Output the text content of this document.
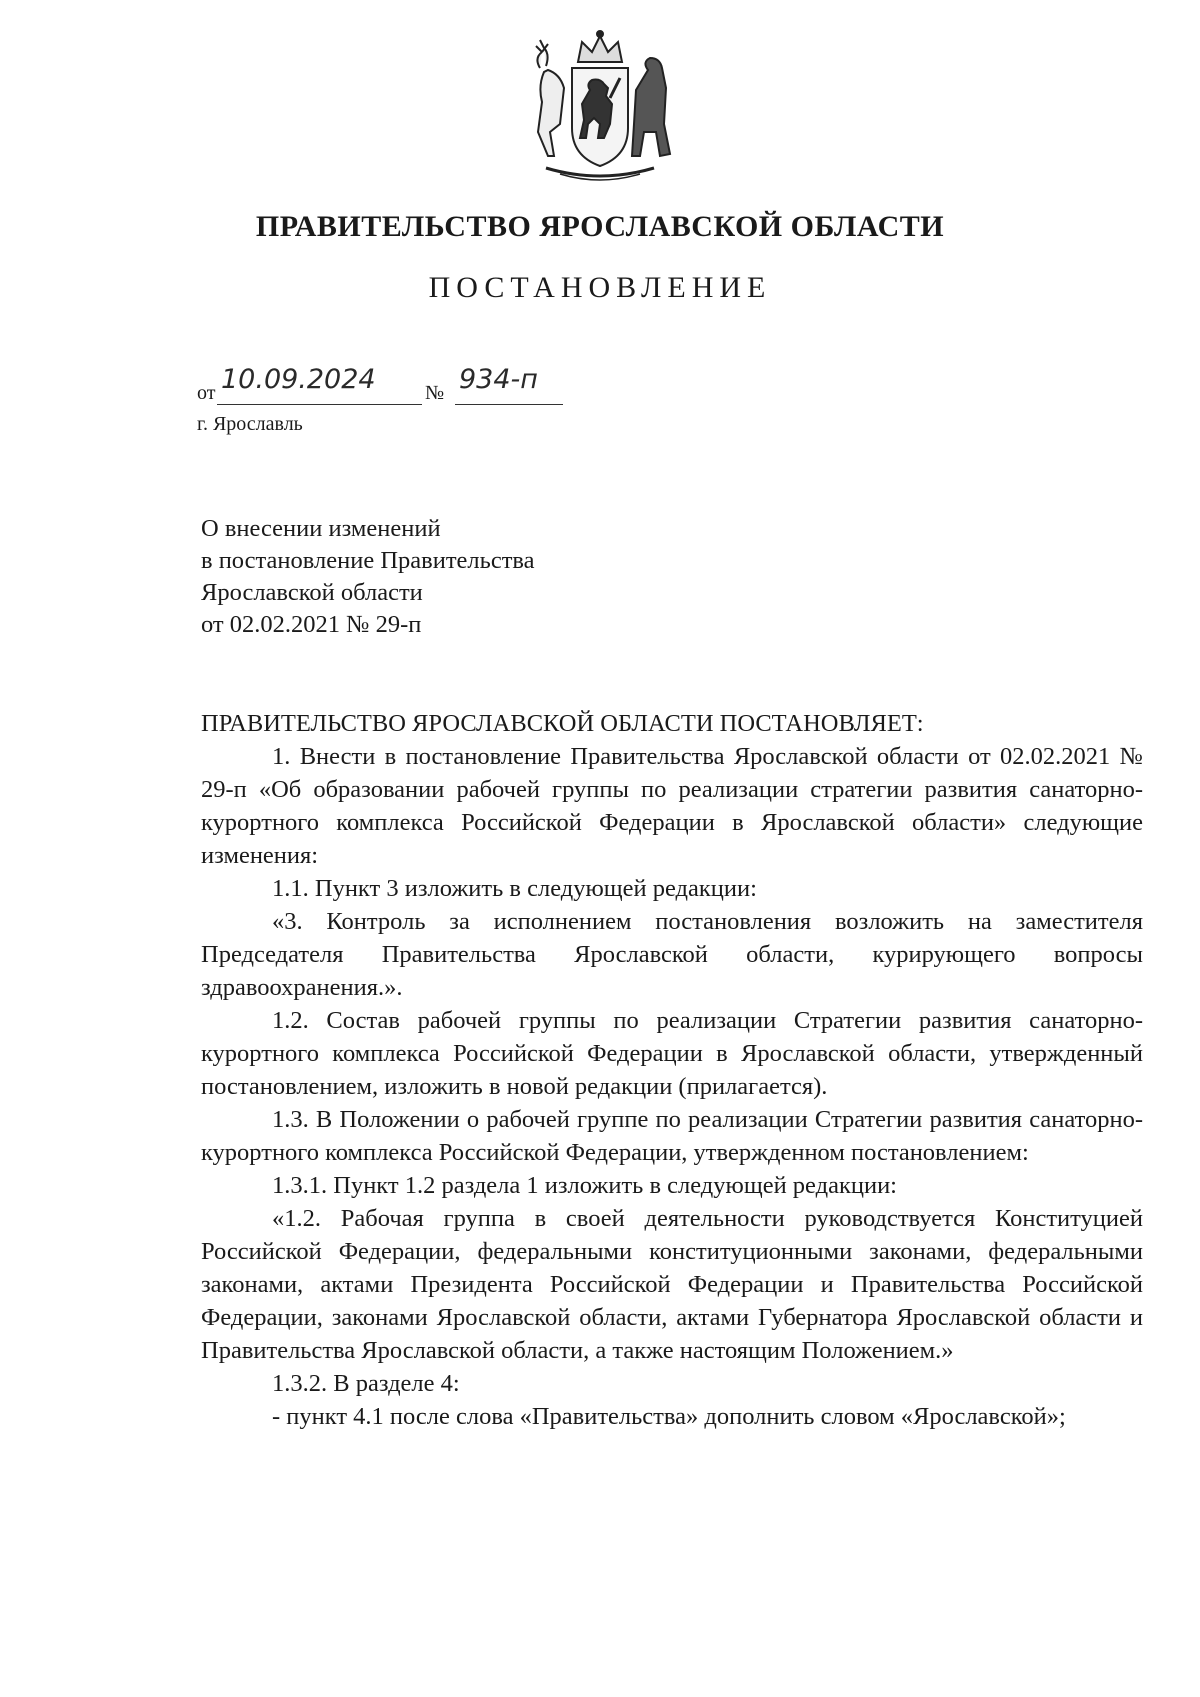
ПРАВИТЕЛЬСТВО ЯРОСЛАВСКОЙ ОБЛАСТИ
ПОСТАНОВЛЕНИЕ
от 10.09.2024 № 934-п
г. Ярославль
О внесении изменений
в постановление Правительства
Ярославской области
от 02.02.2021 № 29-п
ПРАВИТЕЛЬСТВО ЯРОСЛАВСКОЙ ОБЛАСТИ ПОСТАНОВЛЯЕТ:

1. Внести в постановление Правительства Ярославской области от 02.02.2021 № 29-п «Об образовании рабочей группы по реализации стратегии развития санаторно-курортного комплекса Российской Федерации в Ярославской области» следующие изменения:

1.1. Пункт 3 изложить в следующей редакции:

«3. Контроль за исполнением постановления возложить на заместителя Председателя Правительства Ярославской области, курирующего вопросы здравоохранения.».

1.2. Состав рабочей группы по реализации Стратегии развития санаторно-курортного комплекса Российской Федерации в Ярославской области, утвержденный постановлением, изложить в новой редакции (прилагается).

1.3. В Положении о рабочей группе по реализации Стратегии развития санаторно-курортного комплекса Российской Федерации, утвержденном постановлением:

1.3.1. Пункт 1.2 раздела 1 изложить в следующей редакции:

«1.2. Рабочая группа в своей деятельности руководствуется Конституцией Российской Федерации, федеральными конституционными законами, федеральными законами, актами Президента Российской Федерации и Правительства Российской Федерации, законами Ярославской области, актами Губернатора Ярославской области и Правительства Ярославской области, а также настоящим Положением.»

1.3.2. В разделе 4:

- пункт 4.1 после слова «Правительства» дополнить словом «Ярославской»;
